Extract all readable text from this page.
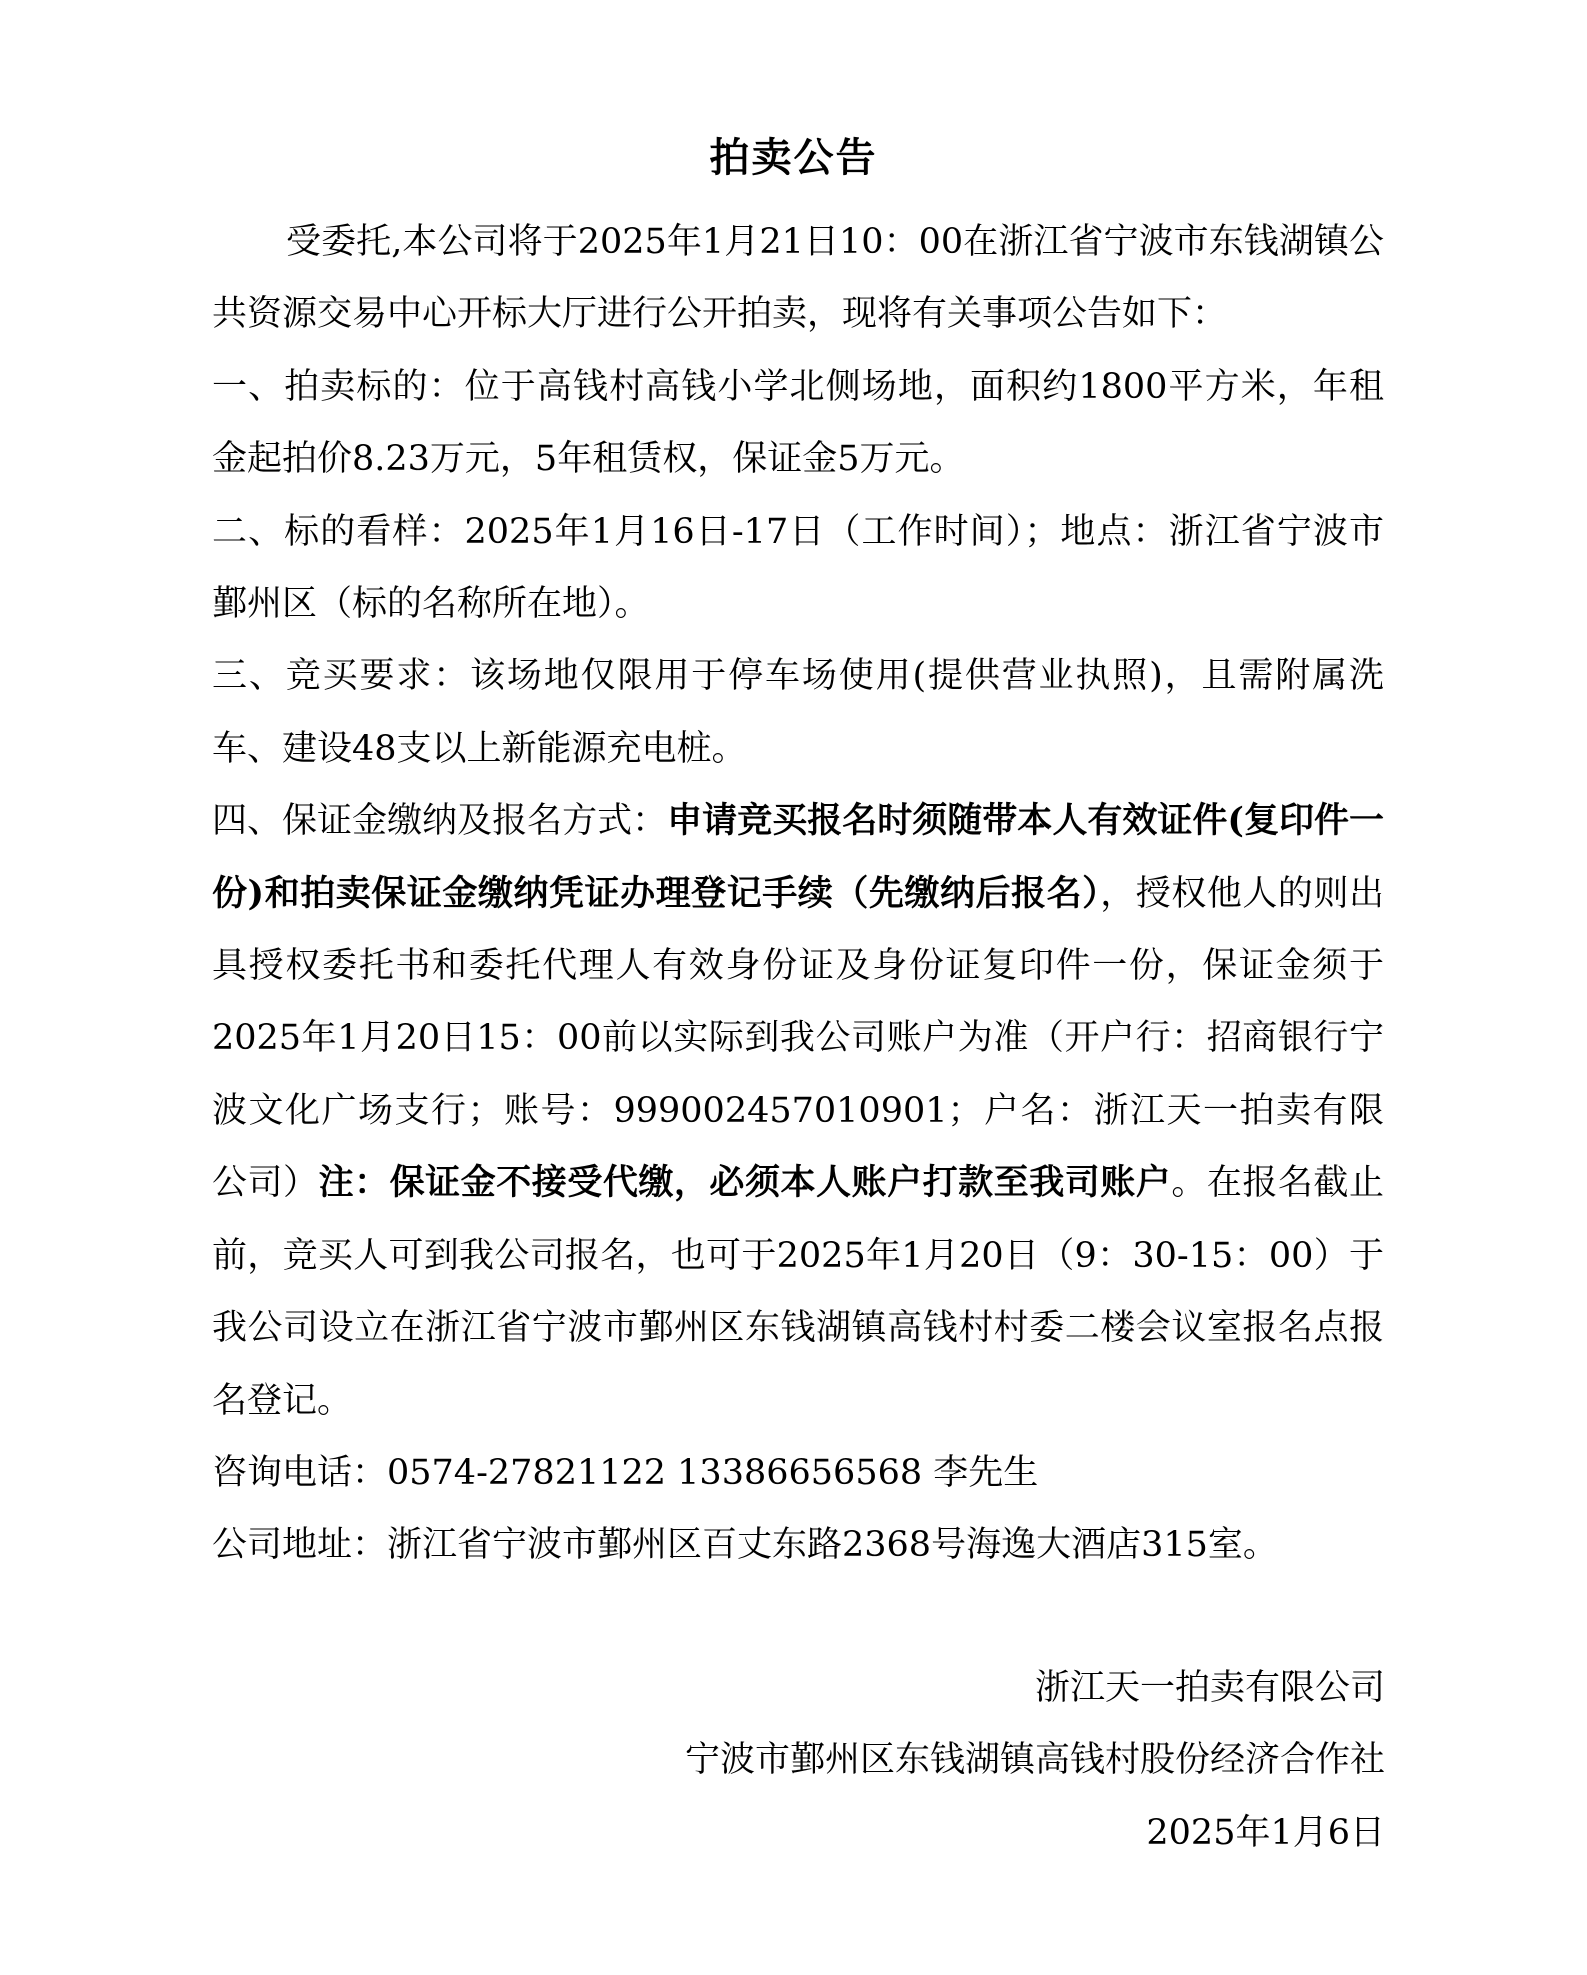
拍卖公告

受委托,本公司将于2025年1月21日10：00在浙江省宁波市东钱湖镇公共资源交易中心开标大厅进行公开拍卖，现将有关事项公告如下：

一、拍卖标的：位于高钱村高钱小学北侧场地，面积约1800平方米，年租金起拍价8.23万元，5年租赁权，保证金5万元。

二、标的看样：2025年1月16日-17日（工作时间）；地点：浙江省宁波市鄞州区（标的名称所在地）。

三、竞买要求：该场地仅限用于停车场使用(提供营业执照)，且需附属洗车、建设48支以上新能源充电桩。

四、保证金缴纳及报名方式：申请竞买报名时须随带本人有效证件(复印件一份)和拍卖保证金缴纳凭证办理登记手续（先缴纳后报名），授权他人的则出具授权委托书和委托代理人有效身份证及身份证复印件一份，保证金须于2025年1月20日15：00前以实际到我公司账户为准（开户行：招商银行宁波文化广场支行；账号：999002457010901；户名：浙江天一拍卖有限公司）注：保证金不接受代缴，必须本人账户打款至我司账户。在报名截止前，竞买人可到我公司报名，也可于2025年1月20日（9：30-15：00）于我公司设立在浙江省宁波市鄞州区东钱湖镇高钱村村委二楼会议室报名点报名登记。

咨询电话：0574-27821122 13386656568 李先生

公司地址：浙江省宁波市鄞州区百丈东路2368号海逸大酒店315室。

浙江天一拍卖有限公司
宁波市鄞州区东钱湖镇高钱村股份经济合作社
2025年1月6日
